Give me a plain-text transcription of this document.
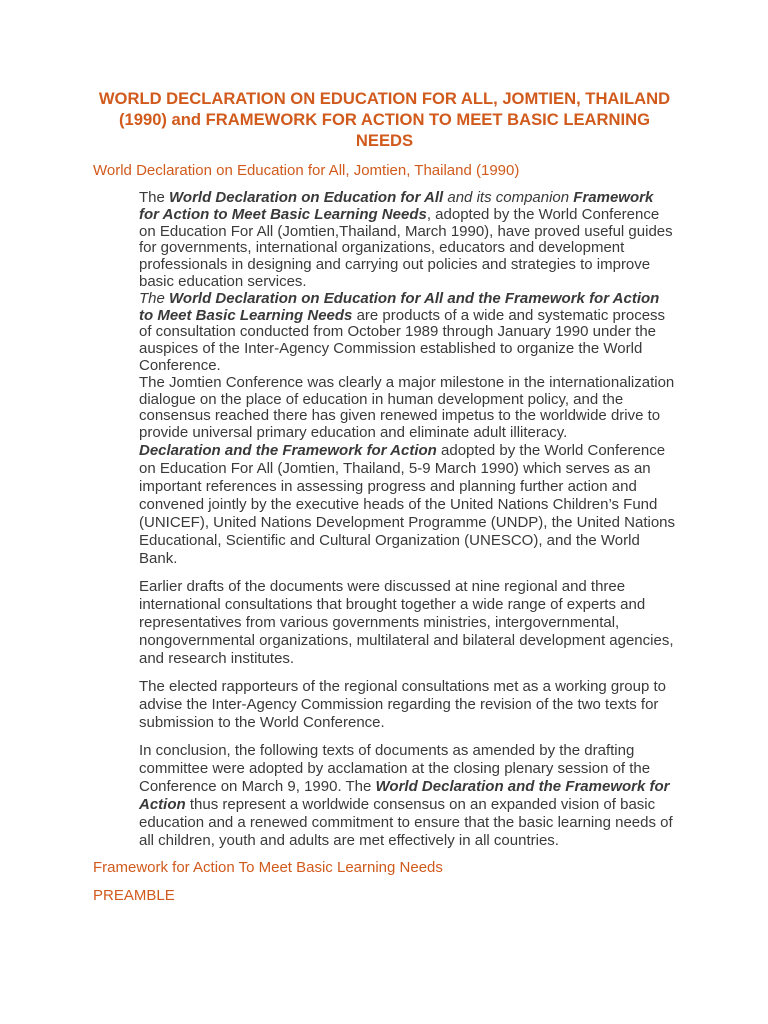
WORLD DECLARATION ON EDUCATION FOR ALL, JOMTIEN, THAILAND (1990) and FRAMEWORK FOR ACTION TO MEET BASIC LEARNING NEEDS
World Declaration on Education for All, Jomtien, Thailand (1990)
The World Declaration on Education for All and its companion Framework for Action to Meet Basic Learning Needs, adopted by the World Conference on Education For All (Jomtien,Thailand, March 1990), have proved useful guides for governments, international organizations, educators and development professionals in designing and carrying out policies and strategies to improve basic education services.
The World Declaration on Education for All and the Framework for Action to Meet Basic Learning Needs are products of a wide and systematic process of consultation conducted from October 1989 through January 1990 under the auspices of the Inter-Agency Commission established to organize the World Conference.
The Jomtien Conference was clearly a major milestone in the internationalization dialogue on the place of education in human development policy, and the consensus reached there has given renewed impetus to the worldwide drive to provide universal primary education and eliminate adult illiteracy.
Declaration and the Framework for Action adopted by the World Conference on Education For All (Jomtien, Thailand, 5-9 March 1990) which serves as an important references in assessing progress and planning further action and convened jointly by the executive heads of the United Nations Children’s Fund (UNICEF), United Nations Development Programme (UNDP), the United Nations Educational, Scientific and Cultural Organization (UNESCO), and the World Bank.
Earlier drafts of the documents were discussed at nine regional and three international consultations that brought together a wide range of experts and representatives from various governments ministries, intergovernmental, nongovernmental organizations, multilateral and bilateral development agencies, and research institutes.
The elected rapporteurs of the regional consultations met as a working group to advise the Inter-Agency Commission regarding the revision of the two texts for submission to the World Conference.
In conclusion, the following texts of documents as amended by the drafting committee were adopted by acclamation at the closing plenary session of the Conference on March 9, 1990. The World Declaration and the Framework for Action thus represent a worldwide consensus on an expanded vision of basic education and a renewed commitment to ensure that the basic learning needs of all children, youth and adults are met effectively in all countries.
Framework for Action To Meet Basic Learning Needs
PREAMBLE
